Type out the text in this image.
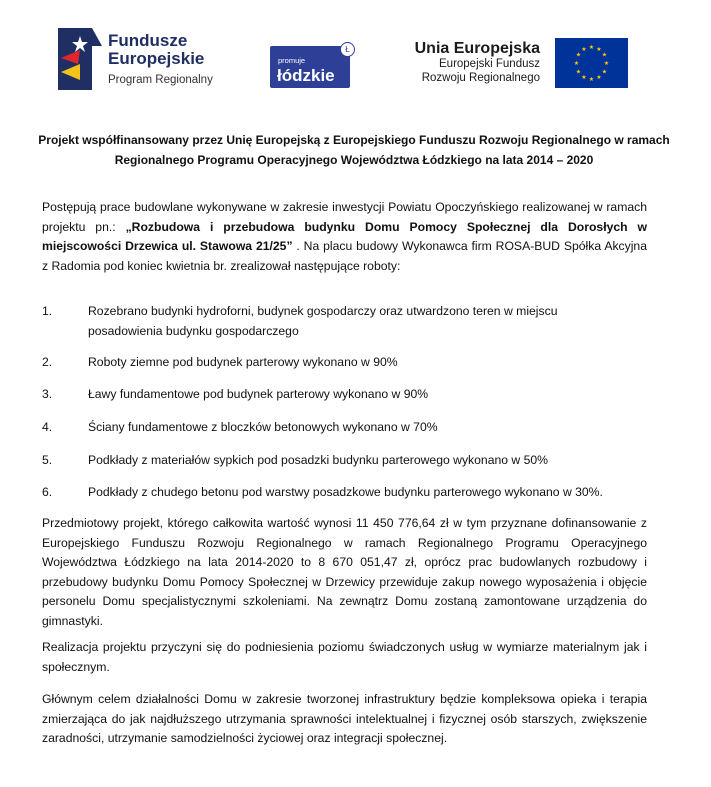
Fundusze
Europejskie
Program Regionalny
promuje
łódzkie
Ł	Unia Europejska
Europejski Fundusz
Rozwoju Regionalnego
★ ★
★
★
★
★
★
★
★
★
★
★
Projekt współfinansowany przez Unię Europejską z Europejskiego Funduszu Rozwoju Regionalnego w ramach Regionalnego Programu Operacyjnego Województwa Łódzkiego na lata 2014 – 2020

Postępują prace budowlane wykonywane w zakresie inwestycji Powiatu Opoczyńskiego realizowanej w ramach projektu pn.: „Rozbudowa i przebudowa budynku Domu Pomocy Społecznej dla Dorosłych w miejscowości Drzewica ul. Stawowa 21/25” . Na placu budowy Wykonawca firm ROSA-BUD Spółka Akcyjna z Radomia pod koniec kwietnia br. zrealizował następujące roboty:

1.	Rozebrano budynki hydroforni, budynek gospodarczy oraz utwardzono teren w miejscu posadowienia budynku gospodarczego
2.	Roboty ziemne pod budynek parterowy wykonano w 90%
3.	Ławy fundamentowe pod budynek parterowy wykonano w 90%
4.	Ściany fundamentowe z bloczków betonowych wykonano w 70%
5.	Podkłady z materiałów sypkich pod posadzki budynku parterowego wykonano w 50%
6.	Podkłady z chudego betonu pod warstwy posadzkowe budynku parterowego wykonano w 30%.

Przedmiotowy projekt, którego całkowita wartość wynosi 11 450 776,64 zł w tym przyznane dofinansowanie z Europejskiego Funduszu Rozwoju Regionalnego w ramach Regionalnego Programu Operacyjnego Województwa Łódzkiego na lata 2014-2020 to 8 670 051,47 zł, oprócz prac budowlanych rozbudowy i przebudowy budynku Domu Pomocy Społecznej w Drzewicy przewiduje zakup nowego wyposażenia i objęcie personelu Domu specjalistycznymi szkoleniami. Na zewnątrz Domu zostaną zamontowane urządzenia do gimnastyki.

Realizacja projektu przyczyni się do podniesienia poziomu świadczonych usług w wymiarze materialnym jak i społecznym.

Głównym celem działalności Domu w zakresie tworzonej infrastruktury będzie kompleksowa opieka i terapia zmierzająca do jak najdłuższego utrzymania sprawności intelektualnej i fizycznej osób starszych, zwiększenie zaradności, utrzymanie samodzielności życiowej oraz integracji społecznej.
